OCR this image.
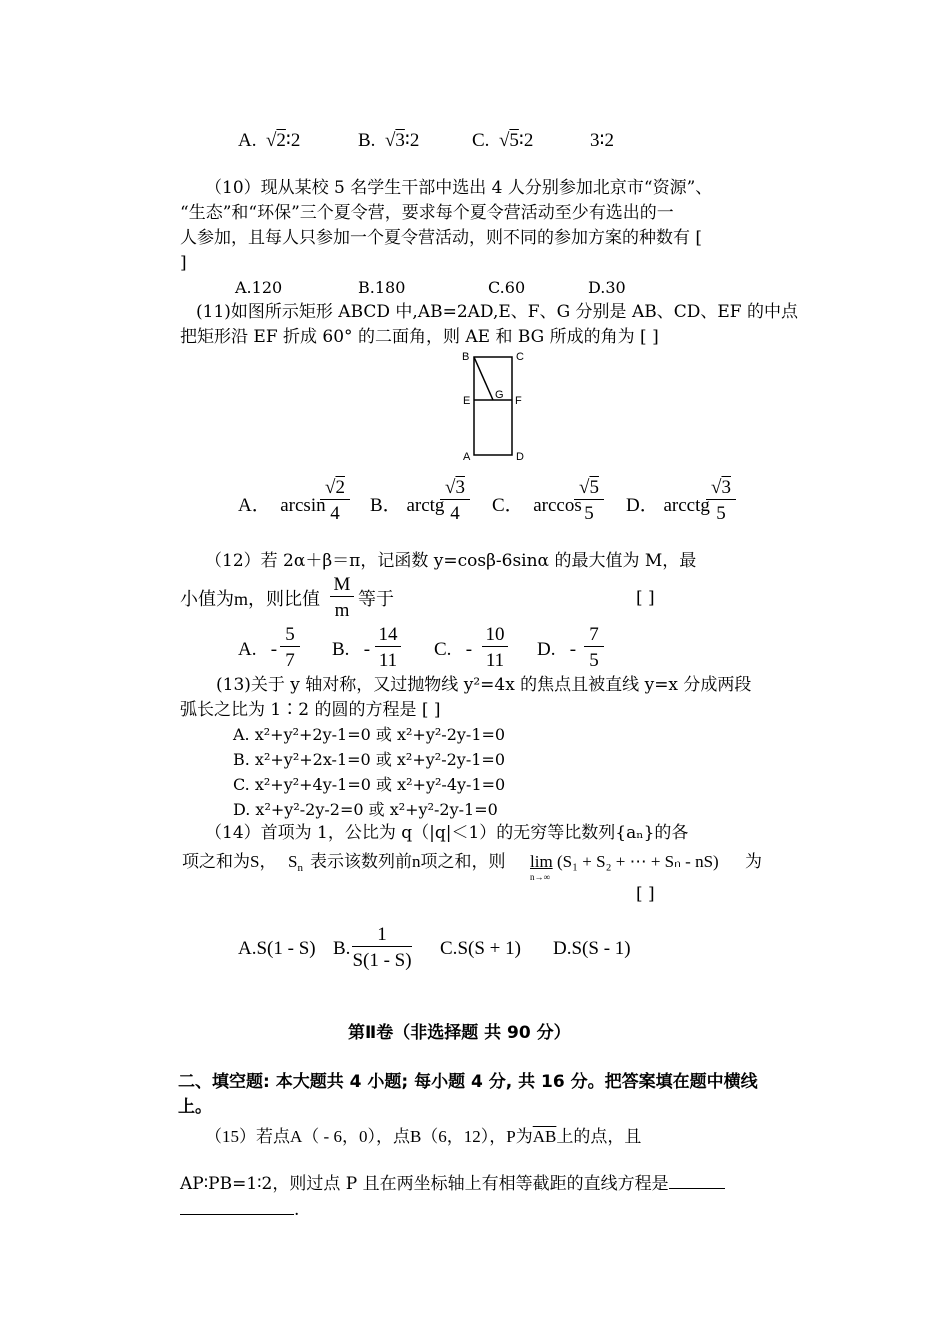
A.  √2∶2	B.  √3∶2	C.  √5∶2	3∶2
（10）现从某校 5 名学生干部中选出 4 人分别参加北京市“资源”、
“生态”和“环保”三个夏令营，要求每个夏令营活动至少有选出的一
人参加，且每人只参加一个夏令营活动，则不同的参加方案的种数有 [
]
A.120	B.180	C.60	D.30
(11)如图所示矩形 ABCD 中,AB=2AD,E、F、G 分别是 AB、CD、EF 的中点
把矩形沿 EF 折成 60° 的二面角，则 AE 和 BG 所成的角为 [ ]
B	C
E	F
G
A	D
A． arcsin
$\frac{√2}{4}$ B． arctg
$\frac{√3}{4}$ C． arccos
$\frac{√5}{5}$ D． arcctg
$\frac{√3}{5}$
（12）若 2α＋β＝π，记函数 y=cosβ-6sinα 的最大值为 M，最
小值为m，则比值 $\frac{M}{m}$ 等于	[ ]
A. - $\frac{5}{7} B$. - $\frac{14}{11} C$. - $\frac{10}{11} D$. - $\frac{7}{5}$
(13)关于 y 轴对称，又过抛物线 y²=4x 的焦点且被直线 y=x 分成两段
弧长之比为 1∶2 的圆的方程是 [ ]
A. x²+y²+2y-1=0 或 x²+y²-2y-1=0
B. x²+y²+2x-1=0 或 x²+y²-2y-1=0
C. x²+y²+4y-1=0 或 x²+y²-4y-1=0
D. x²+y²-2y-2=0 或 x²+y²-2y-1=0
（14）首项为 1，公比为 q（|q|＜1）的无穷等比数列{aₙ}的各
项之和为S， $S_n$ 表示该数列前n项之和，则 lim
n→∞
(S₁ + S₂ + ⋯ + Sₙ - nS) 为
[ ]
A.S(1 - S) B. $\frac{1}{S(1 - S)} C.S(S + 1)$ D.S(S - 1)
第Ⅱ卷（非选择题 共 90 分）
二、填空题: 本大题共 4 小题; 每小题 4 分, 共 16 分。把答案填在题中横线
上。
（15）若点A（ - 6，0），点B（6，12），P为$\overline{AB}$上的点，且
AP∶PB=1∶2，则过点 P 且在两坐标轴上有相等截距的直线方程是
.
